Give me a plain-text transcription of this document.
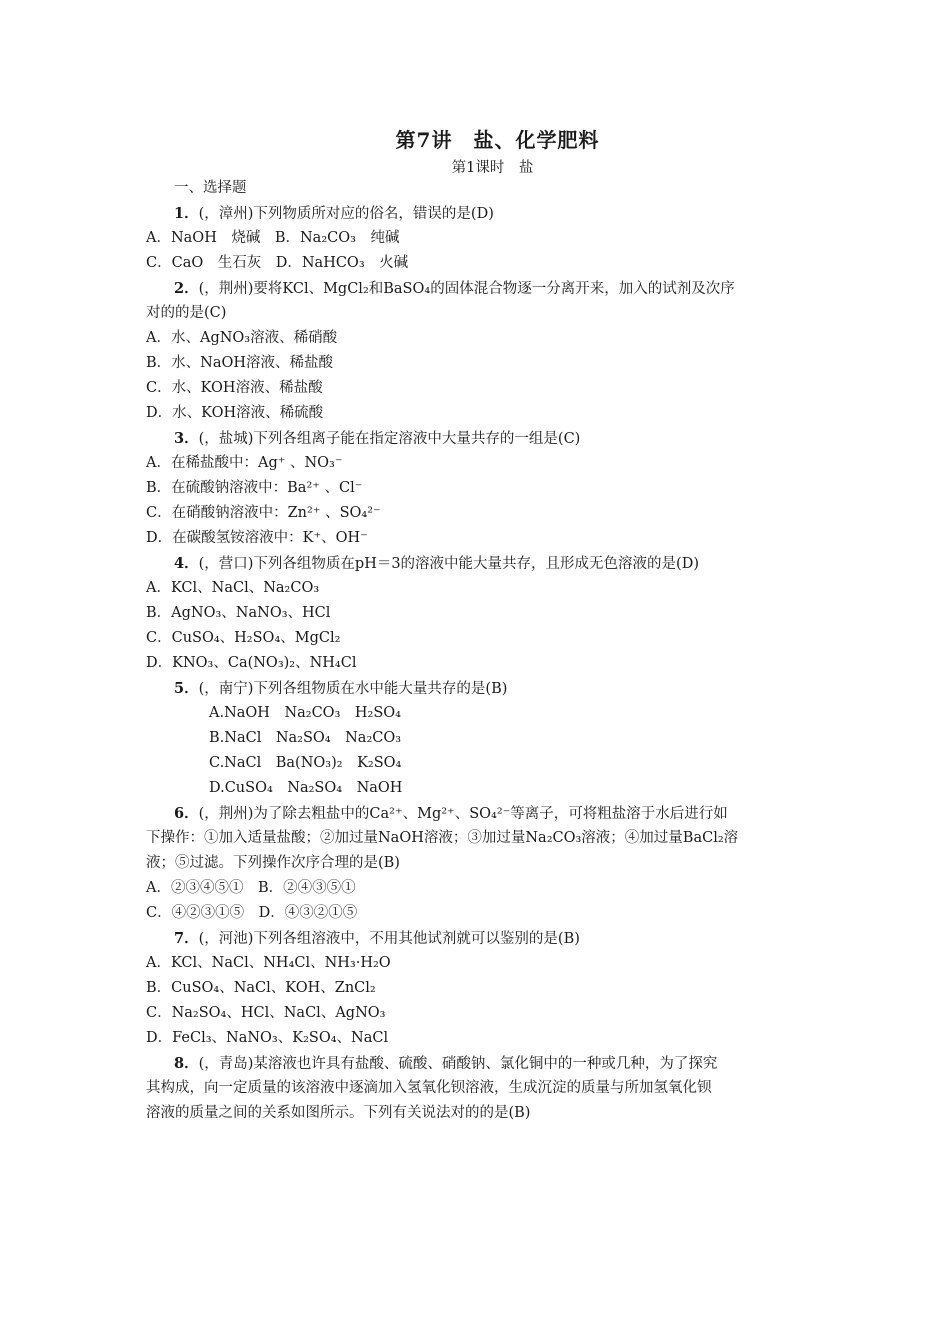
第7讲　盐、化学肥料
第1课时　盐
一、选择题
1．(，漳州)下列物质所对应的俗名，错误的是(D)
A．NaOH　烧碱　 B．Na₂CO₃　纯碱
C．CaO　生石灰　 D．NaHCO₃　火碱
2．(，荆州)要将KCl、MgCl₂和BaSO₄的固体混合物逐一分离开来，加入的试剂及次序
对的的是(C)
A．水、AgNO₃溶液、稀硝酸
B．水、NaOH溶液、稀盐酸
C．水、KOH溶液、稀盐酸
D．水、KOH溶液、稀硫酸
3．(，盐城)下列各组离子能在指定溶液中大量共存的一组是(C)
A．在稀盐酸中：Ag⁺ 、NO₃⁻
B．在硫酸钠溶液中：Ba²⁺ 、Cl⁻
C．在硝酸钠溶液中：Zn²⁺ 、SO₄²⁻
D．在碳酸氢铵溶液中：K⁺、OH⁻
4．(，营口)下列各组物质在pH＝3的溶液中能大量共存，且形成无色溶液的是(D)
A．KCl、NaCl、Na₂CO₃
B．AgNO₃、NaNO₃、HCl
C．CuSO₄、H₂SO₄、MgCl₂
D．KNO₃、Ca(NO₃)₂、NH₄Cl
5．(，南宁)下列各组物质在水中能大量共存的是(B)
A.NaOH　Na₂CO₃　H₂SO₄
B.NaCl　Na₂SO₄　Na₂CO₃
C.NaCl　Ba(NO₃)₂　K₂SO₄
D.CuSO₄　Na₂SO₄　NaOH
6．(，荆州)为了除去粗盐中的Ca²⁺、Mg²⁺、SO₄²⁻等离子，可将粗盐溶于水后进行如
下操作：①加入适量盐酸；②加过量NaOH溶液；③加过量Na₂CO₃溶液；④加过量BaCl₂溶
液；⑤过滤。下列操作次序合理的是(B)
A．②③④⑤①　 B．②④③⑤①
C．④②③①⑤　 D．④③②①⑤
7．(，河池)下列各组溶液中，不用其他试剂就可以鉴别的是(B)
A．KCl、NaCl、NH₄Cl、NH₃·H₂O
B．CuSO₄、NaCl、KOH、ZnCl₂
C．Na₂SO₄、HCl、NaCl、AgNO₃
D．FeCl₃、NaNO₃、K₂SO₄、NaCl
8．(，青岛)某溶液也许具有盐酸、硫酸、硝酸钠、氯化铜中的一种或几种，为了探究
其构成，向一定质量的该溶液中逐滴加入氢氧化钡溶液，生成沉淀的质量与所加氢氧化钡
溶液的质量之间的关系如图所示。下列有关说法对的的是(B)
